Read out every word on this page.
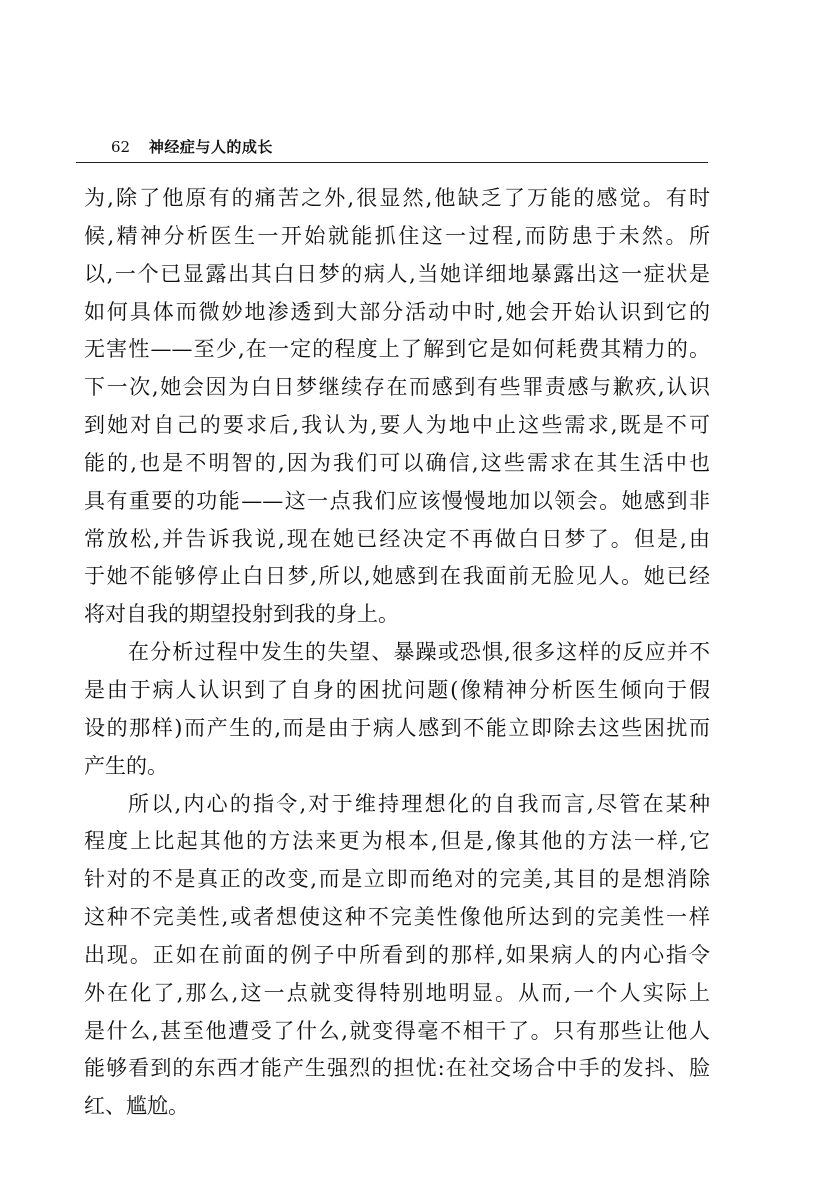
62 神经症与人的成长
为,除了他原有的痛苦之外,很显然,他缺乏了万能的感觉。有时
候,精神分析医生一开始就能抓住这一过程,而防患于未然。所
以,一个已显露出其白日梦的病人,当她详细地暴露出这一症状是
如何具体而微妙地渗透到大部分活动中时,她会开始认识到它的
无害性——至少,在一定的程度上了解到它是如何耗费其精力的。
下一次,她会因为白日梦继续存在而感到有些罪责感与歉疚,认识
到她对自己的要求后,我认为,要人为地中止这些需求,既是不可
能的,也是不明智的,因为我们可以确信,这些需求在其生活中也
具有重要的功能——这一点我们应该慢慢地加以领会。她感到非
常放松,并告诉我说,现在她已经决定不再做白日梦了。但是,由
于她不能够停止白日梦,所以,她感到在我面前无脸见人。她已经
将对自我的期望投射到我的身上。
在分析过程中发生的失望、暴躁或恐惧,很多这样的反应并不
是由于病人认识到了自身的困扰问题(像精神分析医生倾向于假
设的那样)而产生的,而是由于病人感到不能立即除去这些困扰而
产生的。
所以,内心的指令,对于维持理想化的自我而言,尽管在某种
程度上比起其他的方法来更为根本,但是,像其他的方法一样,它
针对的不是真正的改变,而是立即而绝对的完美,其目的是想消除
这种不完美性,或者想使这种不完美性像他所达到的完美性一样
出现。正如在前面的例子中所看到的那样,如果病人的内心指令
外在化了,那么,这一点就变得特别地明显。从而,一个人实际上
是什么,甚至他遭受了什么,就变得毫不相干了。只有那些让他人
能够看到的东西才能产生强烈的担忧:在社交场合中手的发抖、脸
红、尴尬。
